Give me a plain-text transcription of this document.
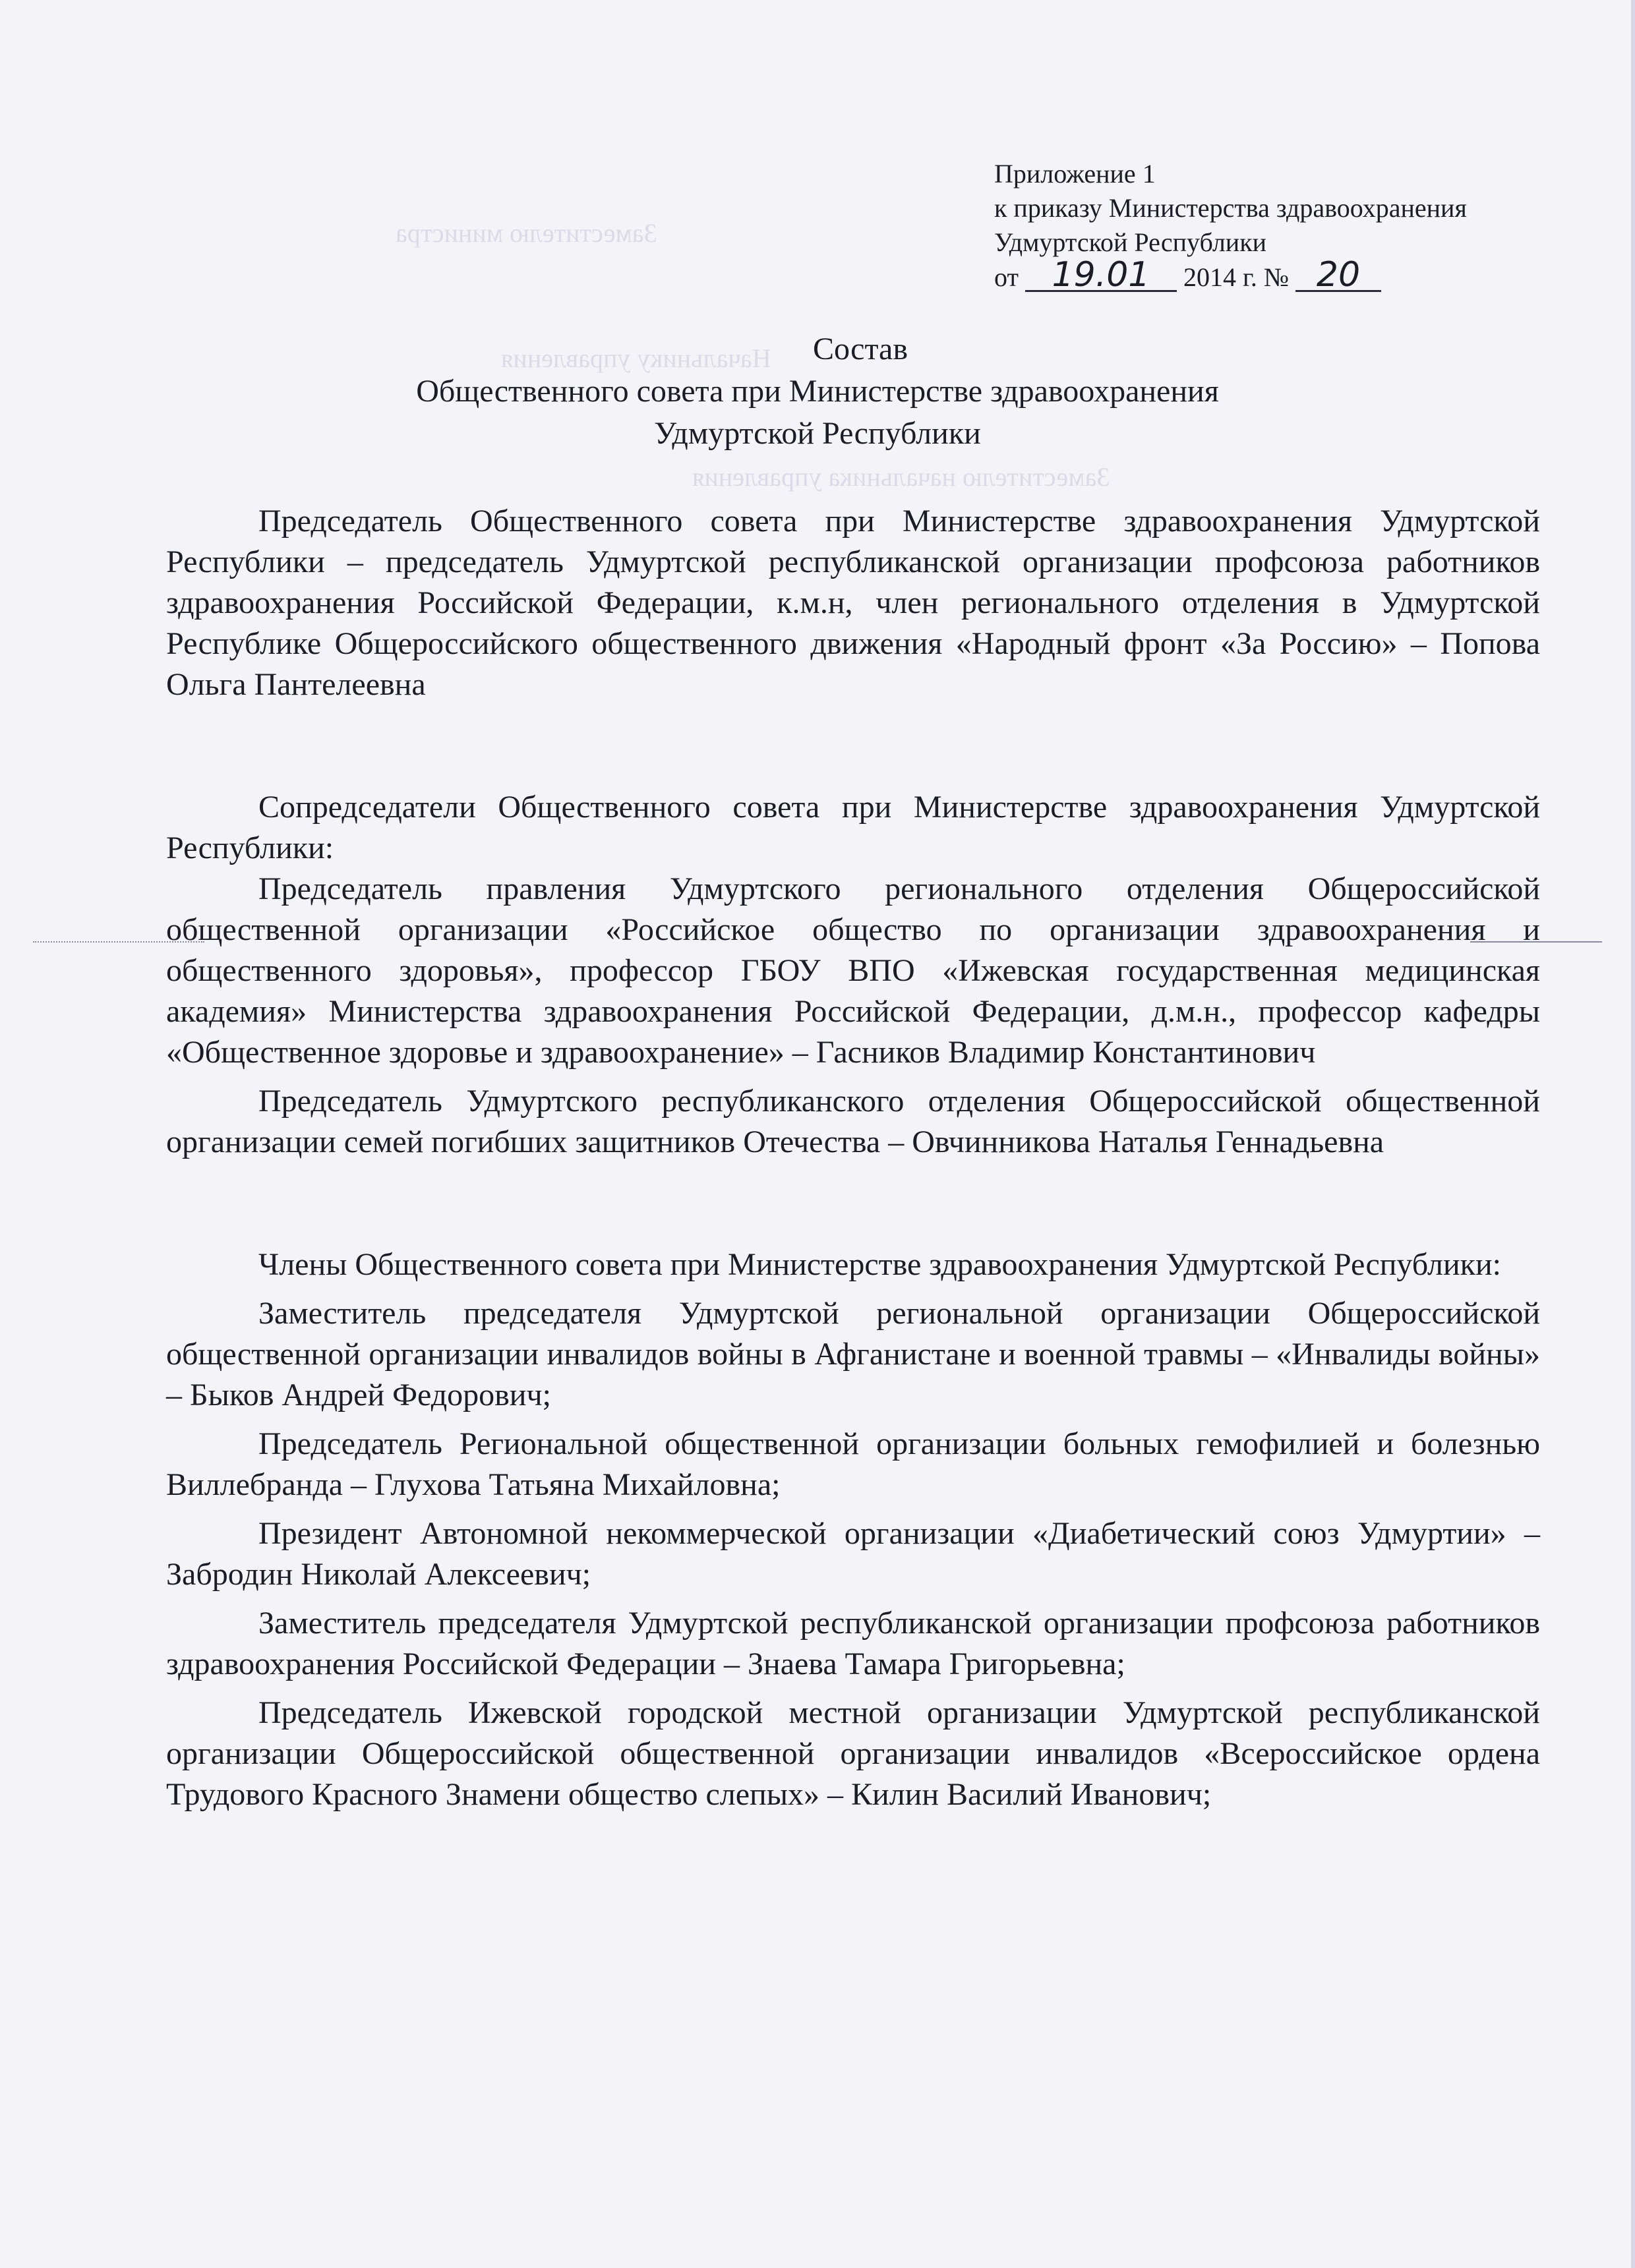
Заместителю министра
Начальнику управления
Заместителю начальника управления
Приложение 1
к приказу Министерства здравоохранения
Удмуртской Республики
от 19.01 2014 г. № 20
Состав
Общественного совета при Министерстве здравоохранения
Удмуртской Республики

Председатель Общественного совета при Министерстве здравоохранения Удмуртской Республики – председатель Удмуртской республиканской организации профсоюза работников здравоохранения Российской Федерации, к.м.н, член регионального отделения в Удмуртской Республике Общероссийского общественного движения «Народный фронт «За Россию» – Попова Ольга Пантелеевна

Сопредседатели Общественного совета при Министерстве здравоохранения Удмуртской Республики:

Председатель правления Удмуртского регионального отделения Общероссийской общественной организации «Российское общество по организации здравоохранения и общественного здоровья», профессор ГБОУ ВПО «Ижевская государственная медицинская академия» Министерства здравоохранения Российской Федерации, д.м.н., профессор кафедры «Общественное здоровье и здравоохранение» – Гасников Владимир Константинович

Председатель Удмуртского республиканского отделения Общероссийской общественной организации семей погибших защитников Отечества – Овчинникова Наталья Геннадьевна

Члены Общественного совета при Министерстве здравоохранения Удмуртской Республики:

Заместитель председателя Удмуртской региональной организации Общероссийской общественной организации инвалидов войны в Афганистане и военной травмы – «Инвалиды войны» – Быков Андрей Федорович;

Председатель Региональной общественной организации больных гемофилией и болезнью Виллебранда – Глухова Татьяна Михайловна;

Президент Автономной некоммерческой организации «Диабетический союз Удмуртии» – Забродин Николай Алексеевич;

Заместитель председателя Удмуртской республиканской организации профсоюза работников здравоохранения Российской Федерации – Знаева Тамара Григорьевна;

Председатель Ижевской городской местной организации Удмуртской республиканской организации Общероссийской общественной организации инвалидов «Всероссийское ордена Трудового Красного Знамени общество слепых» – Килин Василий Иванович;
